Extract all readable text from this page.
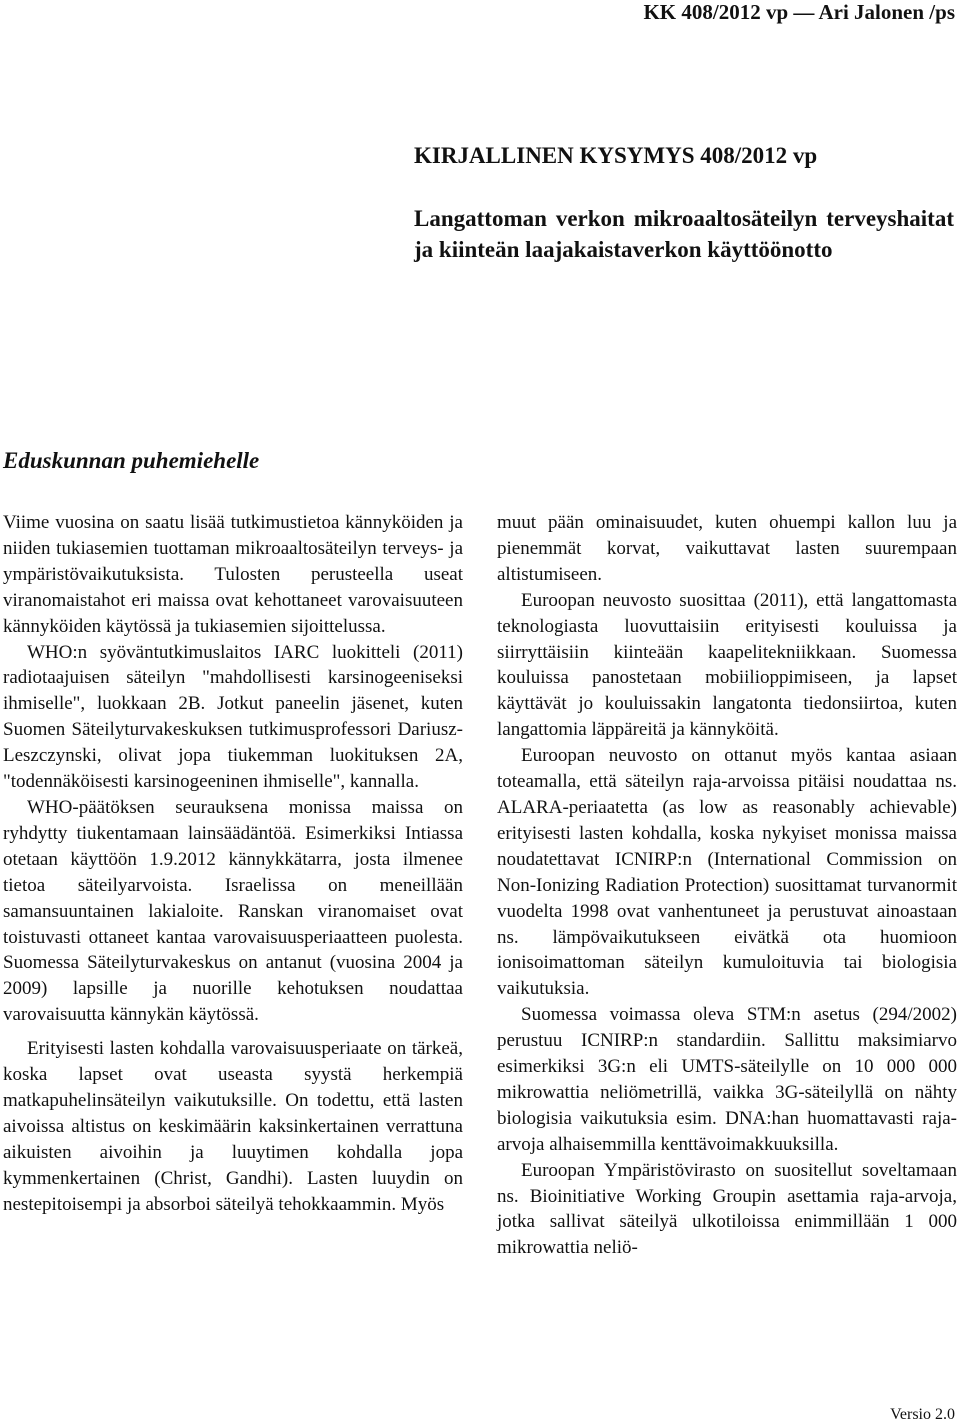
KK 408/2012 vp — Ari Jalonen /ps
KIRJALLINEN KYSYMYS 408/2012 vp
Langattoman verkon mikroaaltosäteilyn terveyshaitat ja kiinteän laajakaistaverkon käyttöönotto
Eduskunnan puhemiehelle

Viime vuosina on saatu lisää tutkimustietoa kännyköiden ja niiden tukiasemien tuottaman mikroaaltosäteilyn terveys- ja ympäristövaikutuksista. Tulosten perusteella useat viranomaistahot eri maissa ovat kehottaneet varovaisuuteen kännyköiden käytössä ja tukiasemien sijoittelussa.

WHO:n syöväntutkimuslaitos IARC luokitteli (2011) radiotaajuisen säteilyn "mahdollisesti karsinogeeniseksi ihmiselle", luokkaan 2B. Jotkut paneelin jäsenet, kuten Suomen Säteilyturvakeskuksen tutkimusprofessori Dariusz-Leszczynski, olivat jopa tiukemman luokituksen 2A, "todennäköisesti karsinogeeninen ihmiselle", kannalla.

WHO-päätöksen seurauksena monissa maissa on ryhdytty tiukentamaan lainsäädäntöä. Esimerkiksi Intiassa otetaan käyttöön 1.9.2012 kännykkätarra, josta ilmenee tietoa säteilyarvoista. Israelissa on meneillään samansuuntainen lakialoite. Ranskan viranomaiset ovat toistuvasti ottaneet kantaa varovaisuusperiaatteen puolesta. Suomessa Säteilyturvakeskus on antanut (vuosina 2004 ja 2009) lapsille ja nuorille kehotuksen noudattaa varovaisuutta kännykän käytössä.

Erityisesti lasten kohdalla varovaisuusperiaate on tärkeä, koska lapset ovat useasta syystä herkempiä matkapuhelinsäteilyn vaikutuksille. On todettu, että lasten aivoissa altistus on keskimäärin kaksinkertainen verrattuna aikuisten aivoihin ja luuytimen kohdalla jopa kymmenkertainen (Christ, Gandhi). Lasten luuydin on nestepitoisempi ja absorboi säteilyä tehokkaammin. Myös

muut pään ominaisuudet, kuten ohuempi kallon luu ja pienemmät korvat, vaikuttavat lasten suurempaan altistumiseen.

Euroopan neuvosto suosittaa (2011), että langattomasta teknologiasta luovuttaisiin erityisesti kouluissa ja siirryttäisiin kiinteään kaapelitekniikkaan. Suomessa kouluissa panostetaan mobiilioppimiseen, ja lapset käyttävät jo kouluissakin langatonta tiedonsiirtoa, kuten langattomia läppäreitä ja kännyköitä.

Euroopan neuvosto on ottanut myös kantaa asiaan toteamalla, että säteilyn raja-arvoissa pitäisi noudattaa ns. ALARA-periaatetta (as low as reasonably achievable) erityisesti lasten kohdalla, koska nykyiset monissa maissa noudatettavat ICNIRP:n (International Commission on Non-Ionizing Radiation Protection) suosittamat turvanormit vuodelta 1998 ovat vanhentuneet ja perustuvat ainoastaan ns. lämpövaikutukseen eivätkä ota huomioon ionisoimattoman säteilyn kumuloituvia tai biologisia vaikutuksia.

Suomessa voimassa oleva STM:n asetus (294/2002) perustuu ICNIRP:n standardiin. Sallittu maksimiarvo esimerkiksi 3G:n eli UMTS-säteilylle on 10 000 000 mikrowattia neliömetrillä, vaikka 3G-säteilyllä on nähty biologisia vaikutuksia esim. DNA:han huomattavasti raja-arvoja alhaisemmilla kenttävoimakkuuksilla.

Euroopan Ympäristövirasto on suositellut soveltamaan ns. Bioinitiative Working Groupin asettamia raja-arvoja, jotka sallivat säteilyä ulkotiloissa enimmillään 1 000 mikrowattia neliö-

Versio 2.0
